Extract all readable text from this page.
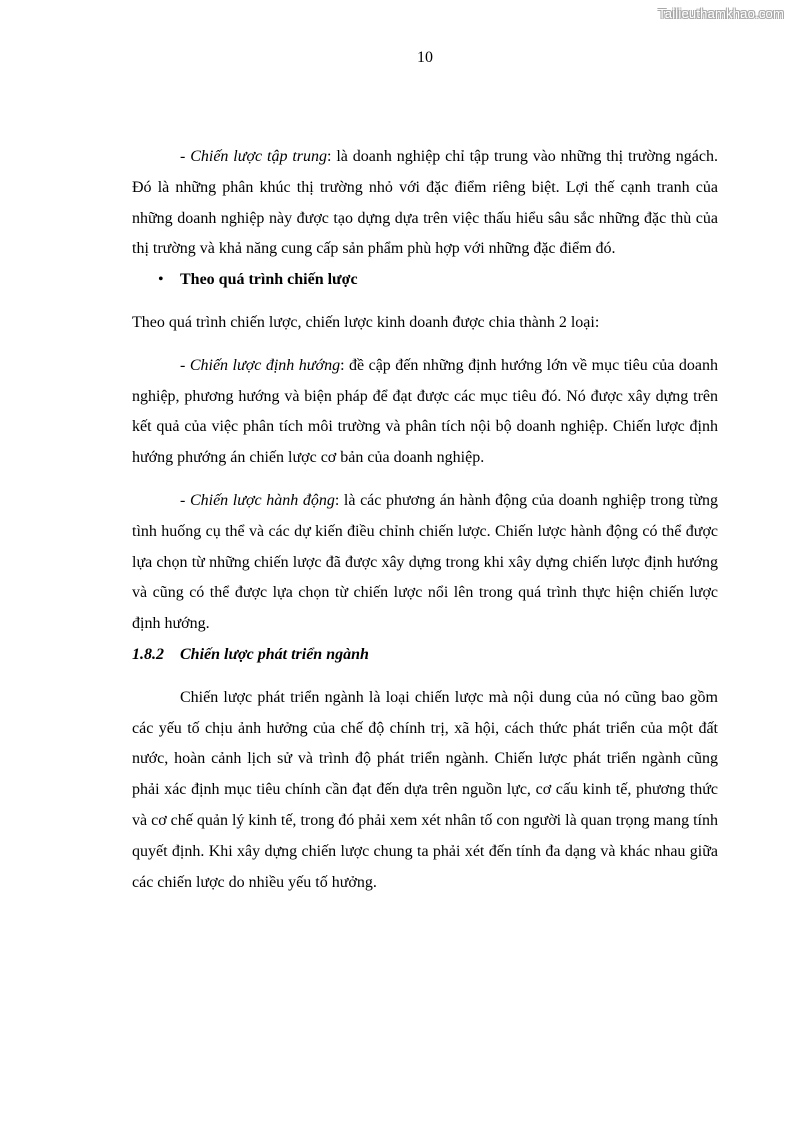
Tailieuthamkhao.com
10

- Chiến lược tập trung: là doanh nghiệp chỉ tập trung vào những thị trường ngách. Đó là những phân khúc thị trường nhỏ với đặc điểm riêng biệt. Lợi thế cạnh tranh của những doanh nghiệp này được tạo dựng dựa trên việc thấu hiểu sâu sắc những đặc thù của thị trường và khả năng cung cấp sản phẩm phù hợp với những đặc điểm đó.

• Theo quá trình chiến lược

Theo quá trình chiến lược, chiến lược kinh doanh được chia thành 2 loại:

- Chiến lược định hướng: đề cập đến những định hướng lớn về mục tiêu của doanh nghiệp, phương hướng và biện pháp để đạt được các mục tiêu đó. Nó được xây dựng trên kết quả của việc phân tích môi trường và phân tích nội bộ doanh nghiệp. Chiến lược định hướng phướng án chiến lược cơ bản của doanh nghiệp.

- Chiến lược hành động: là các phương án hành động của doanh nghiệp trong từng tình huống cụ thể và các dự kiến điều chỉnh chiến lược. Chiến lược hành động có thể được lựa chọn từ những chiến lược đã được xây dựng trong khi xây dựng chiến lược định hướng và cũng có thể được lựa chọn từ chiến lược nổi lên trong quá trình thực hiện chiến lược định hướng.

1.8.2 Chiến lược phát triển ngành

Chiến lược phát triển ngành là loại chiến lược mà nội dung của nó cũng bao gồm các yếu tố chịu ảnh hưởng của chế độ chính trị, xã hội, cách thức phát triển của một đất nước, hoàn cảnh lịch sử và trình độ phát triển ngành. Chiến lược phát triển ngành cũng phải xác định mục tiêu chính cần đạt đến dựa trên nguồn lực, cơ cấu kinh tế, phương thức và cơ chế quản lý kinh tế, trong đó phải xem xét nhân tố con người là quan trọng mang tính quyết định. Khi xây dựng chiến lược chung ta phải xét đến tính đa dạng và khác nhau giữa các chiến lược do nhiều yếu tố hưởng.
